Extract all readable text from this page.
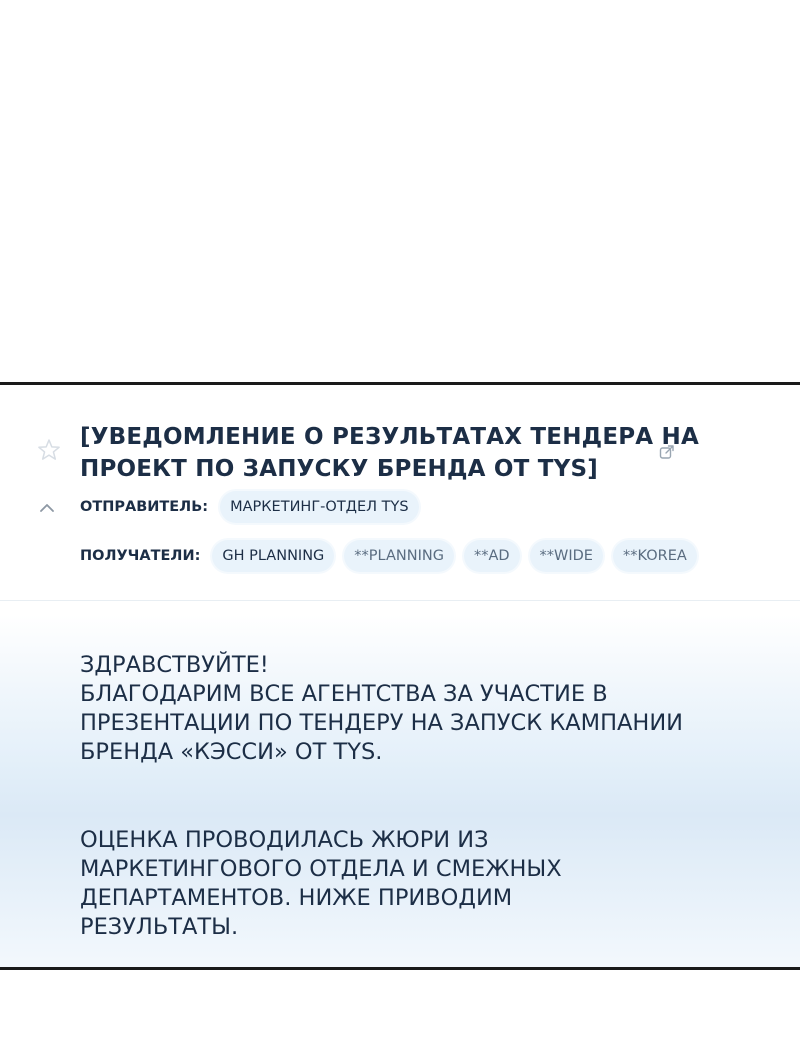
[УВЕДОМЛЕНИЕ О РЕЗУЛЬТАТАХ ТЕНДЕРА НА
ПРОЕКТ ПО ЗАПУСКУ БРЕНДА ОТ TYS]
ОТПРАВИТЕЛЬ:	МАРКЕТИНГ-ОТДЕЛ TYS
ПОЛУЧАТЕЛИ:	GH PLANNING	**PLANNING	**AD	**WIDE	**KOREA

ЗДРАВСТВУЙТЕ!
БЛАГОДАРИМ ВСЕ АГЕНТСТВА ЗА УЧАСТИЕ В
ПРЕЗЕНТАЦИИ ПО ТЕНДЕРУ НА ЗАПУСК КАМПАНИИ
БРЕНДА «КЭССИ» ОТ TYS.

ОЦЕНКА ПРОВОДИЛАСЬ ЖЮРИ ИЗ
МАРКЕТИНГОВОГО ОТДЕЛА И СМЕЖНЫХ
ДЕПАРТАМЕНТОВ. НИЖЕ ПРИВОДИМ
РЕЗУЛЬТАТЫ.
